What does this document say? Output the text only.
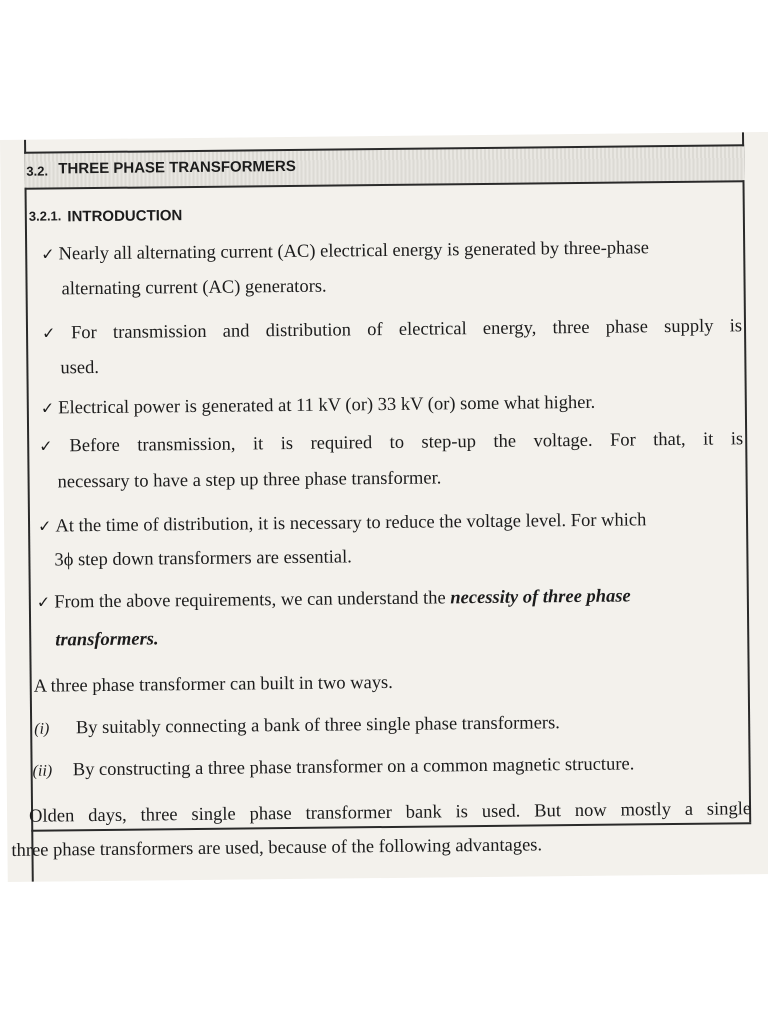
3.2. THREE PHASE TRANSFORMERS
3.2.1. INTRODUCTION
✓ Nearly all alternating current (AC) electrical energy is generated by three-phase
alternating current (AC) generators.
✓ For transmission and distribution of electrical energy, three phase supply is
used.
✓ Electrical power is generated at 11 kV (or) 33 kV (or) some what higher.
✓ Before transmission, it is required to step-up the voltage. For that, it is
necessary to have a step up three phase transformer.
✓ At the time of distribution, it is necessary to reduce the voltage level. For which
3ϕ step down transformers are essential.
✓ From the above requirements, we can understand the necessity of three phase
transformers.
A three phase transformer can built in two ways.
(i) By suitably connecting a bank of three single phase transformers.
(ii) By constructing a three phase transformer on a common magnetic structure.
Olden days, three single phase transformer bank is used. But now mostly a single
three phase transformers are used, because of the following advantages.
